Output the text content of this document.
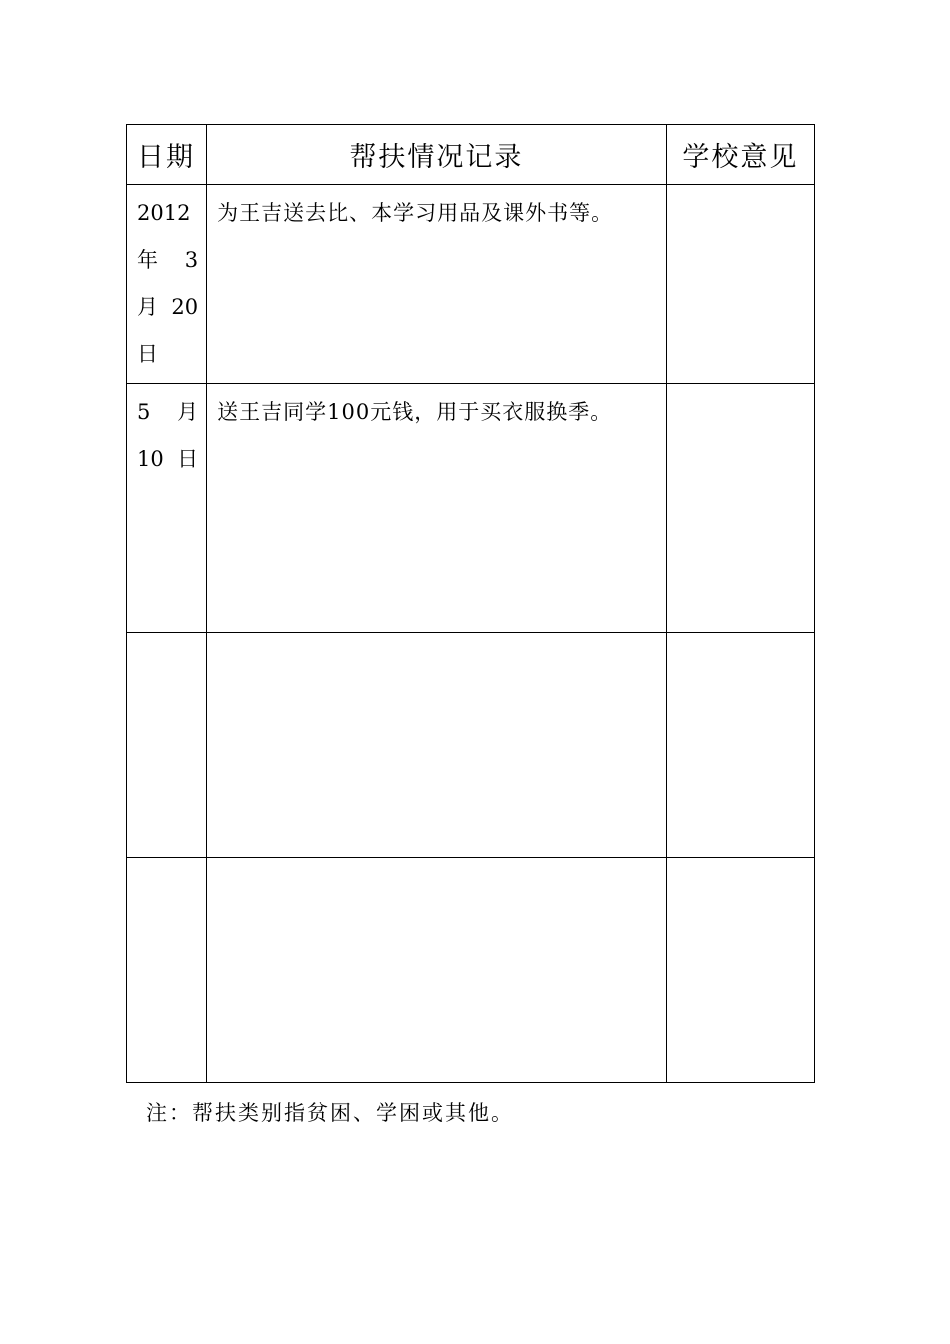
日期	帮扶情况记录	学校意见

2012
年　3
月 20
日	为王吉送去比、本学习用品及课外书等。	

5　月
10日	送王吉同学100元钱，用于买衣服换季。	

注：帮扶类别指贫困、学困或其他。
